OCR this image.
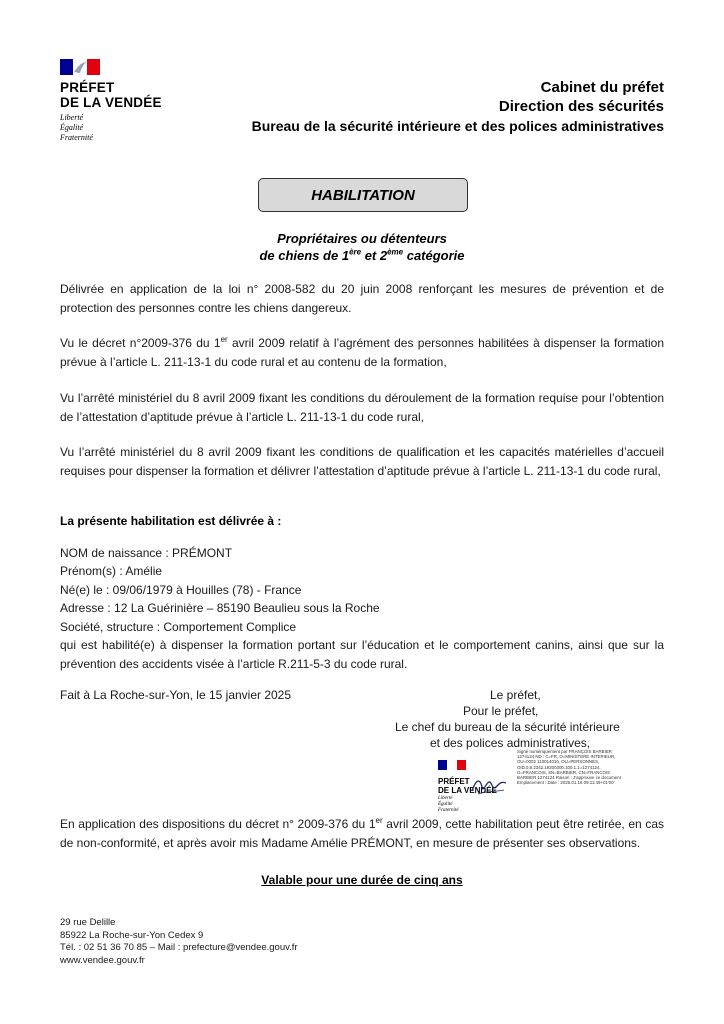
PRÉFET
DE LA VENDÉE
Liberté
Égalité
Fraternité
Cabinet du préfet
Direction des sécurités
Bureau de la sécurité intérieure et des polices administratives
HABILITATION
Propriétaires ou détenteurs
de chiens de 1ère et 2ème catégorie
Délivrée en application de la loi n° 2008-582 du 20 juin 2008 renforçant les mesures de prévention et de protection des personnes contre les chiens dangereux.
Vu le décret n°2009-376 du 1er avril 2009 relatif à l’agrément des personnes habilitées à dispenser la formation prévue à l’article L. 211-13-1 du code rural et au contenu de la formation,
Vu l’arrêté ministériel du 8 avril 2009 fixant les conditions du déroulement de la formation requise pour l’obtention de l’attestation d’aptitude prévue à l’article L. 211-13-1 du code rural,
Vu l’arrêté ministériel du 8 avril 2009 fixant les conditions de qualification et les capacités matérielles d’accueil requises pour dispenser la formation et délivrer l’attestation d’aptitude prévue à l’article L. 211-13-1 du code rural,
La présente habilitation est délivrée à :
NOM de naissance : PRÉMONT
Prénom(s) : Amélie
Né(e) le : 09/06/1979 à Houilles (78) - France
Adresse : 12 La Guérinière – 85190 Beaulieu sous la Roche
Société, structure : Comportement Complice
qui est habilité(e) à dispenser la formation portant sur l’éducation et le comportement canins, ainsi que sur la prévention des accidents visée à l’article R.211-5-3 du code rural.
Fait à La Roche-sur-Yon, le 15 janvier 2025	Le préfet,
Pour le préfet,
Le chef du bureau de la sécurité intérieure
et des polices administratives,
PRÉFET
DE LA VENDÉE
Liberté
Égalité
Fraternité
Signé numériquement par FRANÇOIS BARBIER 1274124 ND : C=FR, O=MINISTERE INTERIEUR, OU=0002 110014016, OU=PERSONNES, OID.0.9.2342.19200300.100.1.1=1274124, G=FRANCOIS, SN=BARBIER, CN=FRANCOIS BARBIER 1274124 Raison : J'approuve ce document Emplacement : Date : 2025.01.16 09:11:49+01'00'
En application des dispositions du décret n° 2009-376 du 1er avril 2009, cette habilitation peut être retirée, en cas de non-conformité, et après avoir mis Madame Amélie PRÉMONT, en mesure de présenter ses observations.
Valable pour une durée de cinq ans
29 rue Delille
85922 La Roche-sur-Yon Cedex 9
Tél. : 02 51 36 70 85 – Mail : prefecture@vendee.gouv.fr
www.vendee.gouv.fr
